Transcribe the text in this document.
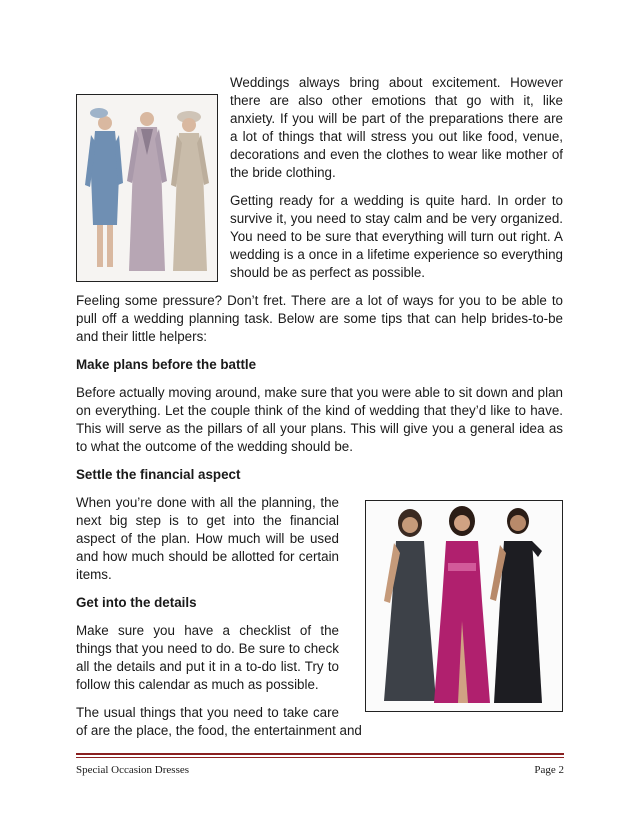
Weddings always bring about excitement. However there are also other emotions that go with it, like anxiety. If you will be part of the preparations there are a lot of things that will stress you out like food, venue, decorations and even the clothes to wear like mother of the bride clothing.

Getting ready for a wedding is quite hard. In order to survive it, you need to stay calm and be very organized. You need to be sure that everything will turn out right. A wedding is a once in a lifetime experience so everything should be as perfect as possible.

Feeling some pressure? Don’t fret. There are a lot of ways for you to be able to pull off a wedding planning task. Below are some tips that can help brides-to-be and their little helpers:

Make plans before the battle

Before actually moving around, make sure that you were able to sit down and plan on everything. Let the couple think of the kind of wedding that they’d like to have. This will serve as the pillars of all your plans. This will give you a general idea as to what the outcome of the wedding should be.

Settle the financial aspect

When you’re done with all the planning, the next big step is to get into the financial aspect of the plan. How much will be used and how much should be allotted for certain items.

Get into the details

Make sure you have a checklist of the things that you need to do. Be sure to check all the details and put it in a to-do list. Try to follow this calendar as much as possible.

The usual things that you need to take care of are the place, the food, the entertainment and

Special Occasion Dresses	Page 2
